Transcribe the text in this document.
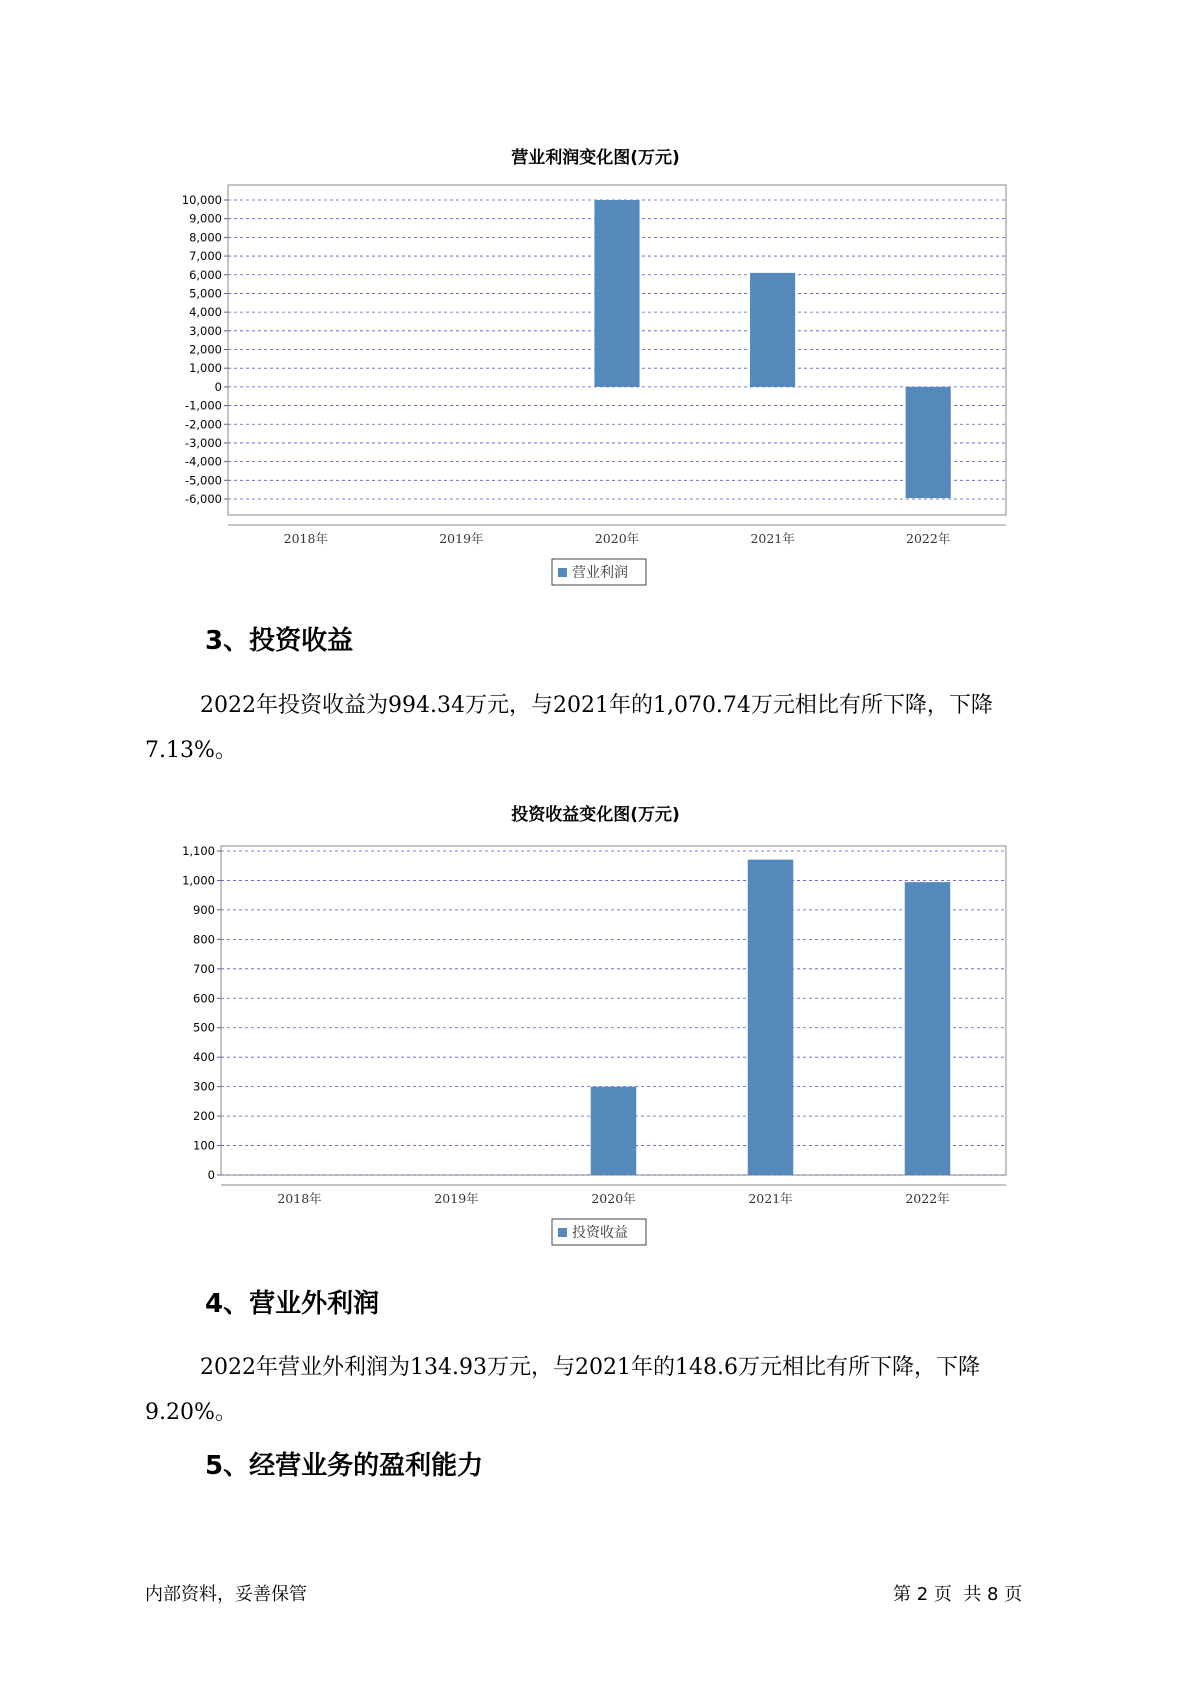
营业利润变化图(万元)
10,000
9,000
8,000
7,000
6,000
5,000
4,000
3,000
2,000
1,000
0
-1,000
-2,000
-3,000
-4,000
-5,000
-6,000
2018年	2019年	2020年	2021年	2022年
营业利润
3、投资收益
2022年投资收益为994.34万元，与2021年的1,070.74万元相比有所下降，下降7.13%。
投资收益变化图(万元)
1,100
1,000
900
800
700
600
500
400
300
200
100
0
2018年	2019年	2020年	2021年	2022年
投资收益
4、营业外利润
2022年营业外利润为134.93万元，与2021年的148.6万元相比有所下降，下降9.20%。
5、经营业务的盈利能力
内部资料，妥善保管	第 2 页  共 8 页
